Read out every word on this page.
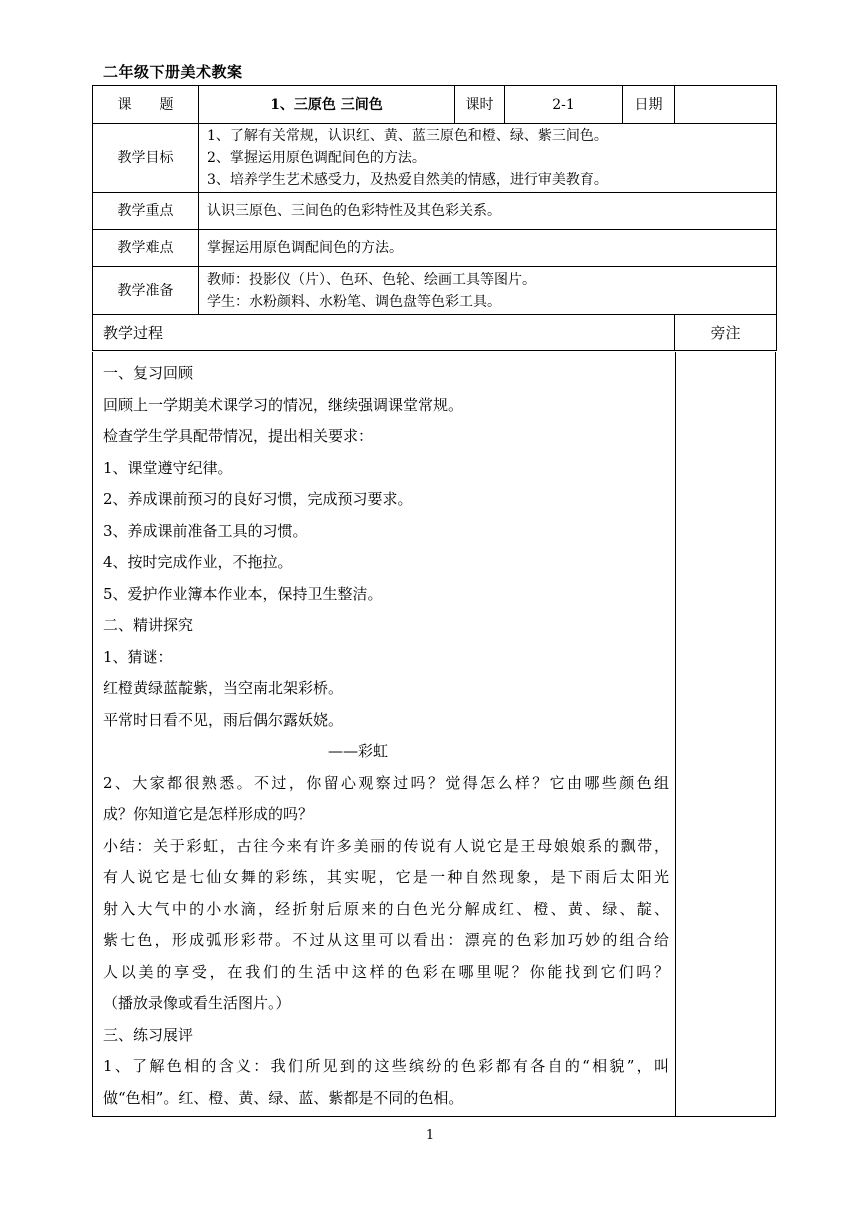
二年级下册美术教案
课　　题	1、三原色 三间色	课时	2-1	日期	
教学目标	1、了解有关常规，认识红、黄、蓝三原色和橙、绿、紫三间色。
2、掌握运用原色调配间色的方法。
3、培养学生艺术感受力，及热爱自然美的情感，进行审美教育。				

教学重点	认识三原色、三间色的色彩特性及其色彩关系。				
教学难点	掌握运用原色调配间色的方法。				
教学准备	教师：投影仪（片）、色环、色轮、绘画工具等图片。
学生：水粉颜料、水粉笔、调色盘等色彩工具。				

教学过程					旁注
一、复习回顾
回顾上一学期美术课学习的情况，继续强调课堂常规。
检查学生学具配带情况，提出相关要求：
1、课堂遵守纪律。
2、养成课前预习的良好习惯，完成预习要求。
3、养成课前准备工具的习惯。
4、按时完成作业，不拖拉。
5、爱护作业簿本作业本，保持卫生整洁。
二、精讲探究
1、猜谜：
红橙黄绿蓝靛紫，当空南北架彩桥。
平常时日看不见，雨后偶尔露妖娆。
——彩虹
2、大家都很熟悉。不过，你留心观察过吗？觉得怎么样？它由哪些颜色组
成？你知道它是怎样形成的吗？
小结：关于彩虹，古往今来有许多美丽的传说有人说它是王母娘娘系的飘带，
有人说它是七仙女舞的彩练，其实呢，它是一种自然现象，是下雨后太阳光
射入大气中的小水滴，经折射后原来的白色光分解成红、橙、黄、绿、靛、
紫七色，形成弧形彩带。不过从这里可以看出：漂亮的色彩加巧妙的组合给
人以美的享受，在我们的生活中这样的色彩在哪里呢？你能找到它们吗？
（播放录像或看生活图片。）
三、练习展评
1、了解色相的含义：我们所见到的这些缤纷的色彩都有各自的“相貌”，叫
做“色相”。红、橙、黄、绿、蓝、紫都是不同的色相。
1
